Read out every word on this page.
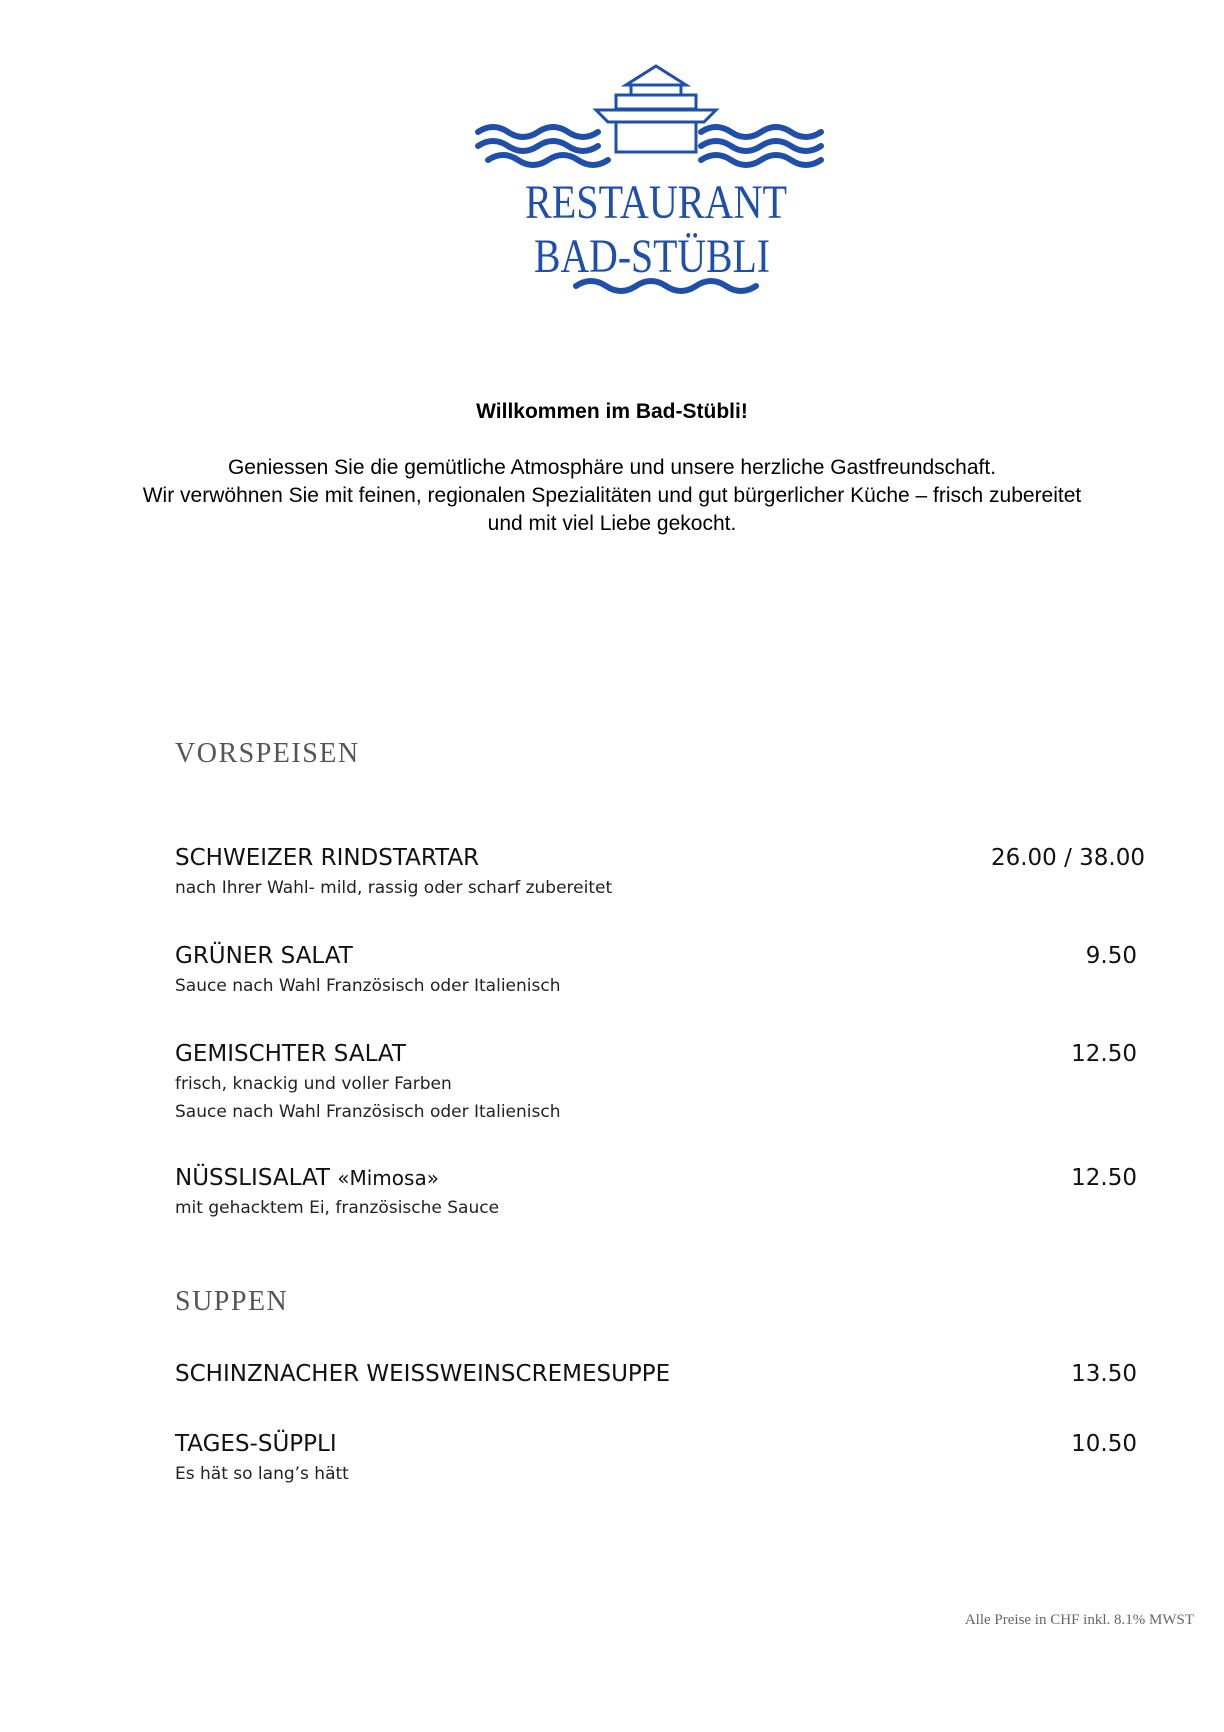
RESTAURANT
BAD-STÜBLI
Willkommen im Bad-Stübli!

Geniessen Sie die gemütliche Atmosphäre und unsere herzliche Gastfreundschaft.

Wir verwöhnen Sie mit feinen, regionalen Spezialitäten und gut bürgerlicher Küche – frisch zubereitet

und mit viel Liebe gekocht.

VORSPEISEN
SCHWEIZER RINDSTARTAR
nach Ihrer Wahl- mild, rassig oder scharf zubereitet
26.00 / 38.00
GRÜNER SALAT
Sauce nach Wahl Französisch oder Italienisch
9.50
GEMISCHTER SALAT
frisch, knackig und voller Farben
Sauce nach Wahl Französisch oder Italienisch
12.50
NÜSSLISALAT «Mimosa»
mit gehacktem Ei, französische Sauce
12.50
SUPPEN
SCHINZNACHER WEISSWEINSCREMESUPPE	13.50
TAGES-SÜPPLI
Es hät so lang’s hätt
10.50
Alle Preise in CHF inkl. 8.1% MWST
